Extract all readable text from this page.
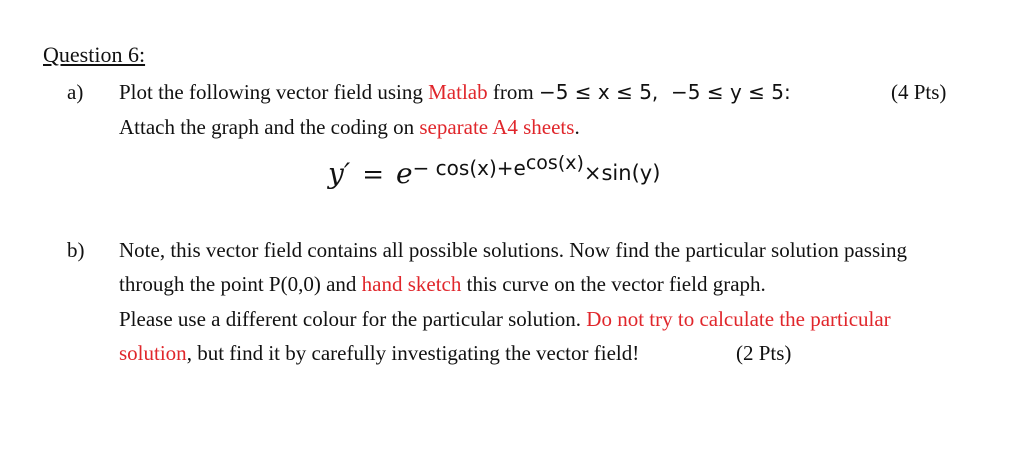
Question 6:
a) Plot the following vector field using Matlab from −5 ≤ x ≤ 5, −5 ≤ y ≤ 5:	(4 Pts)
Attach the graph and the coding on separate A4 sheets.
y′ = e− cos(x)+ecos(x)×sin(y)
b) Note, this vector field contains all possible solutions. Now find the particular solution passing
through the point P(0,0) and hand sketch this curve on the vector field graph.
Please use a different colour for the particular solution. Do not try to calculate the particular
solution, but find it by carefully investigating the vector field!	(2 Pts)
